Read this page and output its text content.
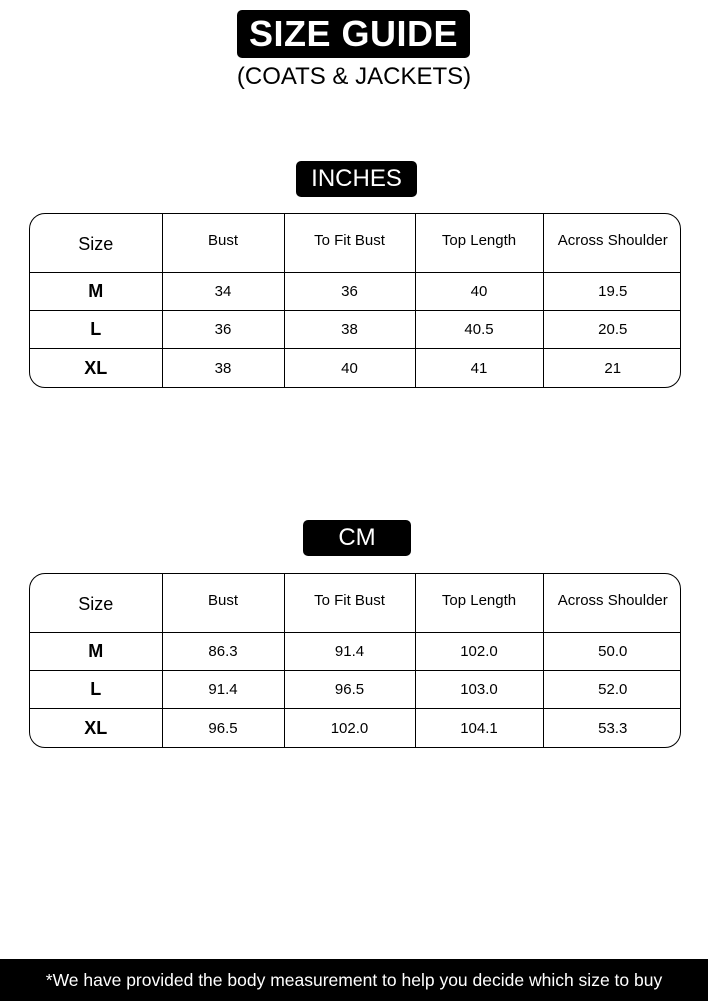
SIZE GUIDE
(COATS & JACKETS)
INCHES
Size	Bust	To Fit Bust	Top Length	Across Shoulder
M	34	36	40	19.5
L	36	38	40.5	20.5
XL	38	40	41	21
CM
Size	Bust	To Fit Bust	Top Length	Across Shoulder
M	86.3	91.4	102.0	50.0
L	91.4	96.5	103.0	52.0
XL	96.5	102.0	104.1	53.3
*We have provided the body measurement to help you decide which size to buy
